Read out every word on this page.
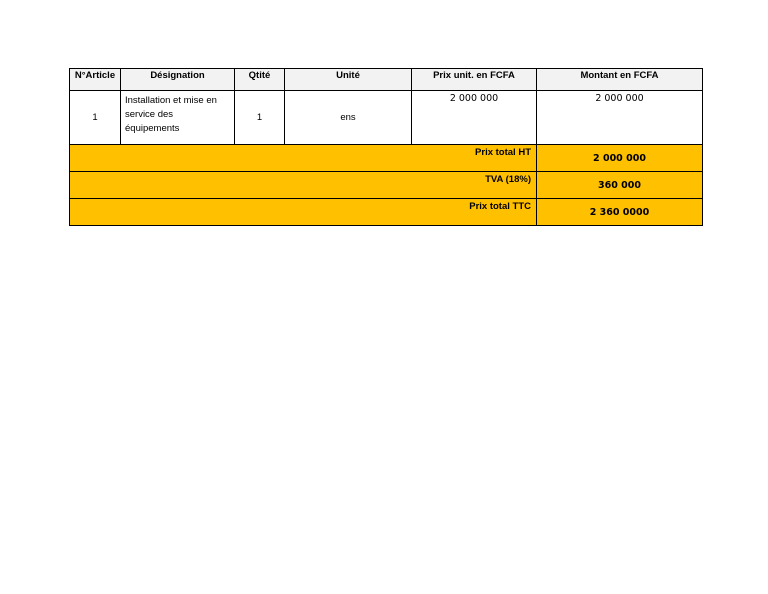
N°Article	Désignation	Qtité	Unité	Prix unit. en FCFA	Montant en FCFA
1	Installation et mise en service des équipements	1	ens	2 000 000	2 000 000
Prix total HT					2 000 000
TVA (18%)					360 000
Prix total TTC					2 360 0000
